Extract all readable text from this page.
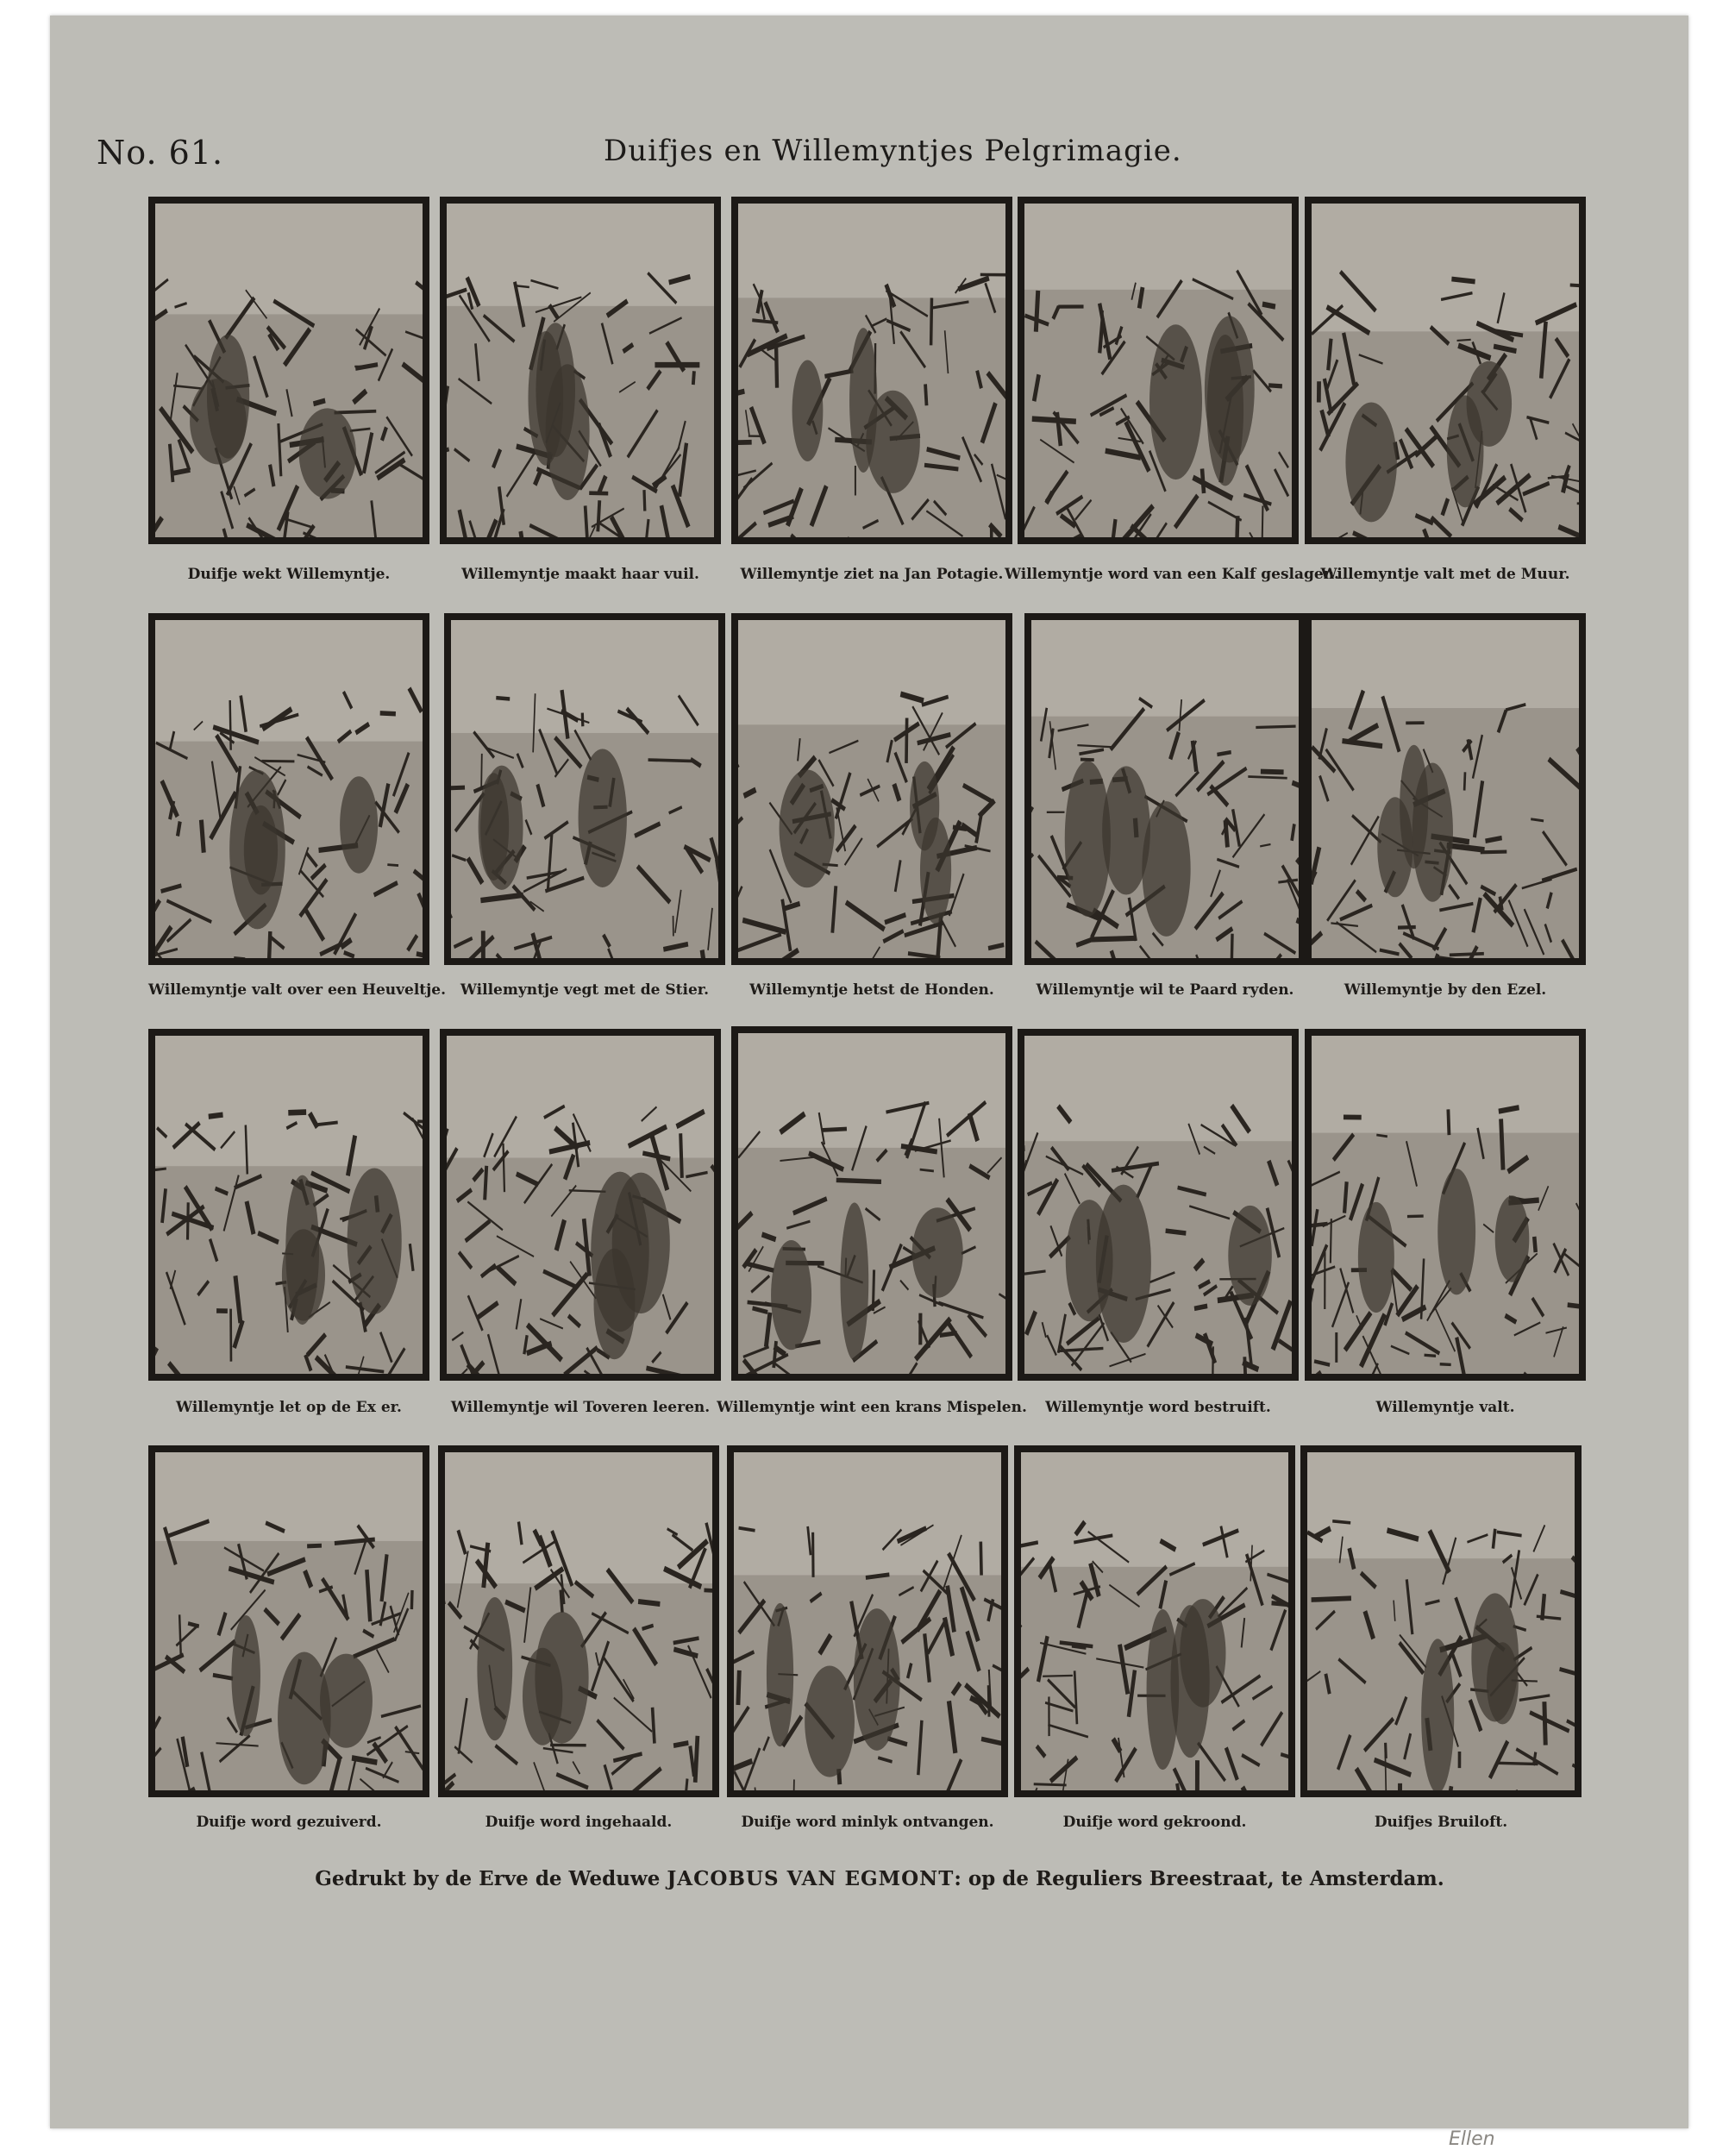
No. 61.	Duifjes en Willemyntjes Pelgrimagie.
Duifje wekt Willemyntje.	Willemyntje maakt haar vuil.	Willemyntje ziet na Jan Potagie. Willemyntje word van een Kalf geslagen.
Willemyntje valt met de Muur.
Willemyntje valt over een Heuveltje. Willemyntje vegt met de Stier.	Willemyntje hetst de Honden.	Willemyntje wil te Paard ryden.	Willemyntje by den Ezel.
Willemyntje let op de Ex er.	Willemyntje wil Toveren leeren. Willemyntje wint een krans Mispelen.	Willemyntje word bestruift.	Willemyntje valt.
Duifje word gezuiverd.	Duifje word ingehaald.	Duifje word minlyk ontvangen.	Duifje word gekroond.	Duifjes Bruiloft.
Gedrukt by de Erve de Weduwe JACOBUS VAN EGMONT: op de Reguliers Breestraat, te Amsterdam.
Ellen
